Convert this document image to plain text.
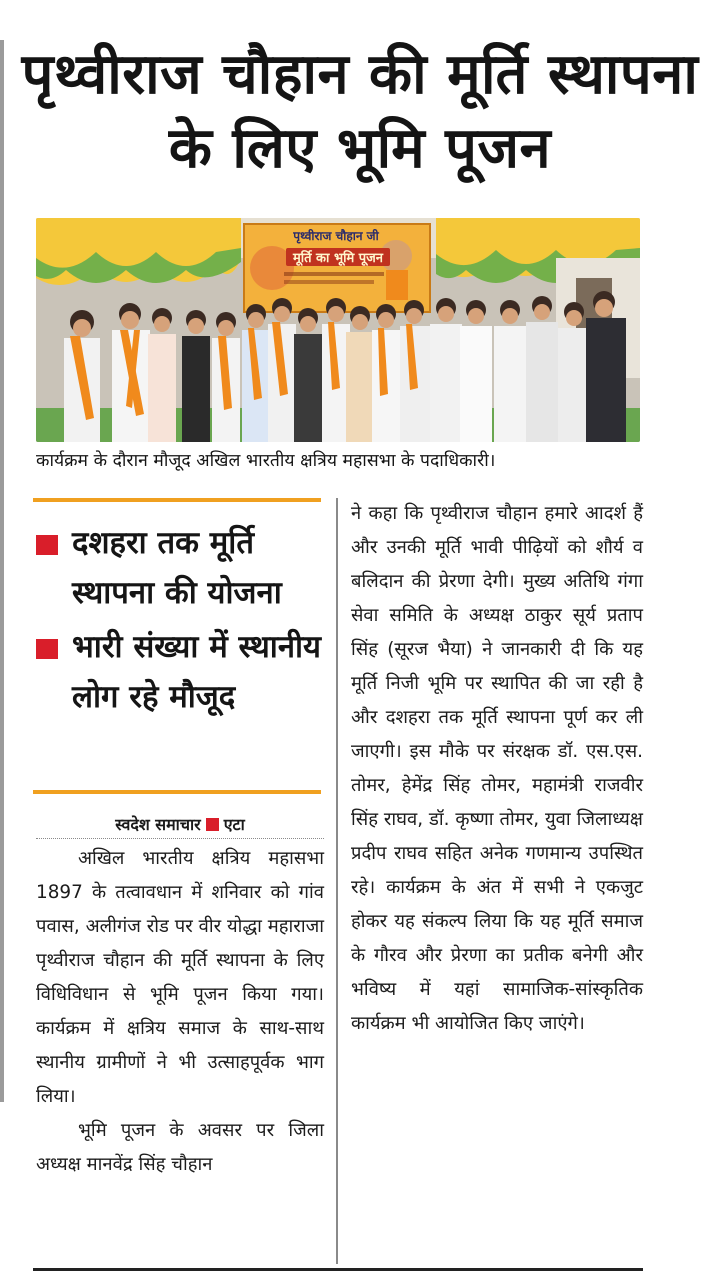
पृथ्वीराज चौहान की मूर्ति स्थापना के लिए भूमि पूजन
पृथ्वीराज चौहान जी
मूर्ति का भूमि पूजन
कार्यक्रम के दौरान मौजूद अखिल भारतीय क्षत्रिय महासभा के पदाधिकारी।
दशहरा तक मूर्ति स्थापना की योजना
भारी संख्या में स्थानीय लोग रहे मौजूद
स्वदेश समाचार एटा

अखिल भारतीय क्षत्रिय महासभा 1897 के तत्वावधान में शनिवार को गांव पवास, अलीगंज रोड पर वीर योद्धा महाराजा पृथ्वीराज चौहान की मूर्ति स्थापना के लिए विधिविधान से भूमि पूजन किया गया। कार्यक्रम में क्षत्रिय समाज के साथ-साथ स्थानीय ग्रामीणों ने भी उत्साहपूर्वक भाग लिया।

भूमि पूजन के अवसर पर जिला अध्यक्ष मानवेंद्र सिंह चौहान

ने कहा कि पृथ्वीराज चौहान हमारे आदर्श हैं और उनकी मूर्ति भावी पीढ़ियों को शौर्य व बलिदान की प्रेरणा देगी। मुख्य अतिथि गंगा सेवा समिति के अध्यक्ष ठाकुर सूर्य प्रताप सिंह (सूरज भैया) ने जानकारी दी कि यह मूर्ति निजी भूमि पर स्थापित की जा रही है और दशहरा तक मूर्ति स्थापना पूर्ण कर ली जाएगी। इस मौके पर संरक्षक डॉ. एस.एस. तोमर, हेमेंद्र सिंह तोमर, महामंत्री राजवीर सिंह राघव, डॉ. कृष्णा तोमर, युवा जिलाध्यक्ष प्रदीप राघव सहित अनेक गणमान्य उपस्थित रहे। कार्यक्रम के अंत में सभी ने एकजुट होकर यह संकल्प लिया कि यह मूर्ति समाज के गौरव और प्रेरणा का प्रतीक बनेगी और भविष्य में यहां सामाजिक-सांस्कृतिक कार्यक्रम भी आयोजित किए जाएंगे।
